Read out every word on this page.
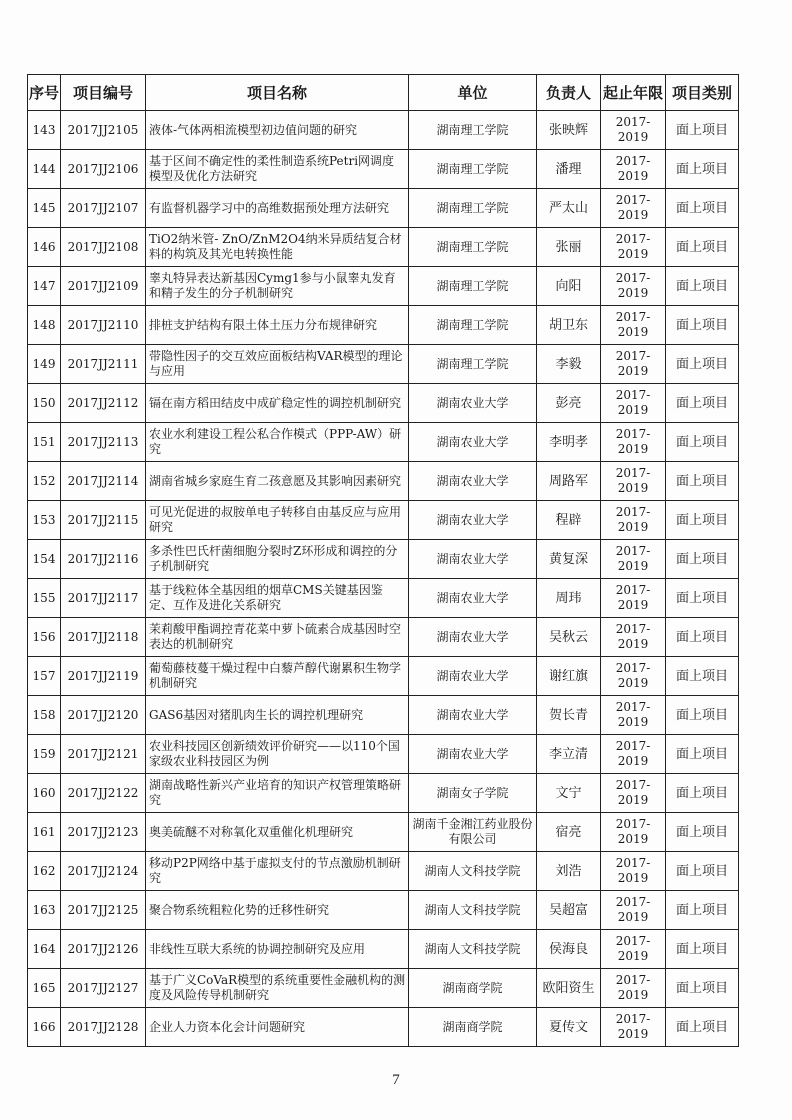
序号	项目编号	项目名称	单位	负责人	起止年限	项目类别
143	2017JJ2105	液体-气体两相流模型初边值问题的研究	湖南理工学院	张映辉	2017-2019	面上项目
144	2017JJ2106	基于区间不确定性的柔性制造系统Petri网调度模型及优化方法研究	湖南理工学院	潘理	2017-2019	面上项目
145	2017JJ2107	有监督机器学习中的高维数据预处理方法研究	湖南理工学院	严太山	2017-2019	面上项目
146	2017JJ2108	TiO2纳米管- ZnO/ZnM2O4纳米异质结复合材料的构筑及其光电转换性能	湖南理工学院	张丽	2017-2019	面上项目
147	2017JJ2109	睾丸特异表达新基因Cymg1参与小鼠睾丸发育和精子发生的分子机制研究	湖南理工学院	向阳	2017-2019	面上项目
148	2017JJ2110	排桩支护结构有限土体土压力分布规律研究	湖南理工学院	胡卫东	2017-2019	面上项目
149	2017JJ2111	带隐性因子的交互效应面板结构VAR模型的理论与应用	湖南理工学院	李毅	2017-2019	面上项目
150	2017JJ2112	镉在南方稻田结皮中成矿稳定性的调控机制研究	湖南农业大学	彭亮	2017-2019	面上项目
151	2017JJ2113	农业水利建设工程公私合作模式（PPP-AW）研究	湖南农业大学	李明孝	2017-2019	面上项目
152	2017JJ2114	湖南省城乡家庭生育二孩意愿及其影响因素研究	湖南农业大学	周路军	2017-2019	面上项目
153	2017JJ2115	可见光促进的叔胺单电子转移自由基反应与应用研究	湖南农业大学	程辟	2017-2019	面上项目
154	2017JJ2116	多杀性巴氏杆菌细胞分裂时Z环形成和调控的分子机制研究	湖南农业大学	黄复深	2017-2019	面上项目
155	2017JJ2117	基于线粒体全基因组的烟草CMS关键基因鉴定、互作及进化关系研究	湖南农业大学	周玮	2017-2019	面上项目
156	2017JJ2118	茉莉酸甲酯调控青花菜中萝卜硫素合成基因时空表达的机制研究	湖南农业大学	吴秋云	2017-2019	面上项目
157	2017JJ2119	葡萄藤枝蔓干燥过程中白藜芦醇代谢累积生物学机制研究	湖南农业大学	谢红旗	2017-2019	面上项目
158	2017JJ2120	GAS6基因对猪肌肉生长的调控机理研究	湖南农业大学	贺长青	2017-2019	面上项目
159	2017JJ2121	农业科技园区创新绩效评价研究——以110个国家级农业科技园区为例	湖南农业大学	李立清	2017-2019	面上项目
160	2017JJ2122	湖南战略性新兴产业培育的知识产权管理策略研究	湖南女子学院	文宁	2017-2019	面上项目
161	2017JJ2123	奥美硫醚不对称氧化双重催化机理研究	湖南千金湘江药业股份有限公司	宿亮	2017-2019	面上项目
162	2017JJ2124	移动P2P网络中基于虚拟支付的节点激励机制研究	湖南人文科技学院	刘浩	2017-2019	面上项目
163	2017JJ2125	聚合物系统粗粒化势的迁移性研究	湖南人文科技学院	吴超富	2017-2019	面上项目
164	2017JJ2126	非线性互联大系统的协调控制研究及应用	湖南人文科技学院	侯海良	2017-2019	面上项目
165	2017JJ2127	基于广义CoVaR模型的系统重要性金融机构的测度及风险传导机制研究	湖南商学院	欧阳资生	2017-2019	面上项目
166	2017JJ2128	企业人力资本化会计问题研究	湖南商学院	夏传文	2017-2019	面上项目
7
